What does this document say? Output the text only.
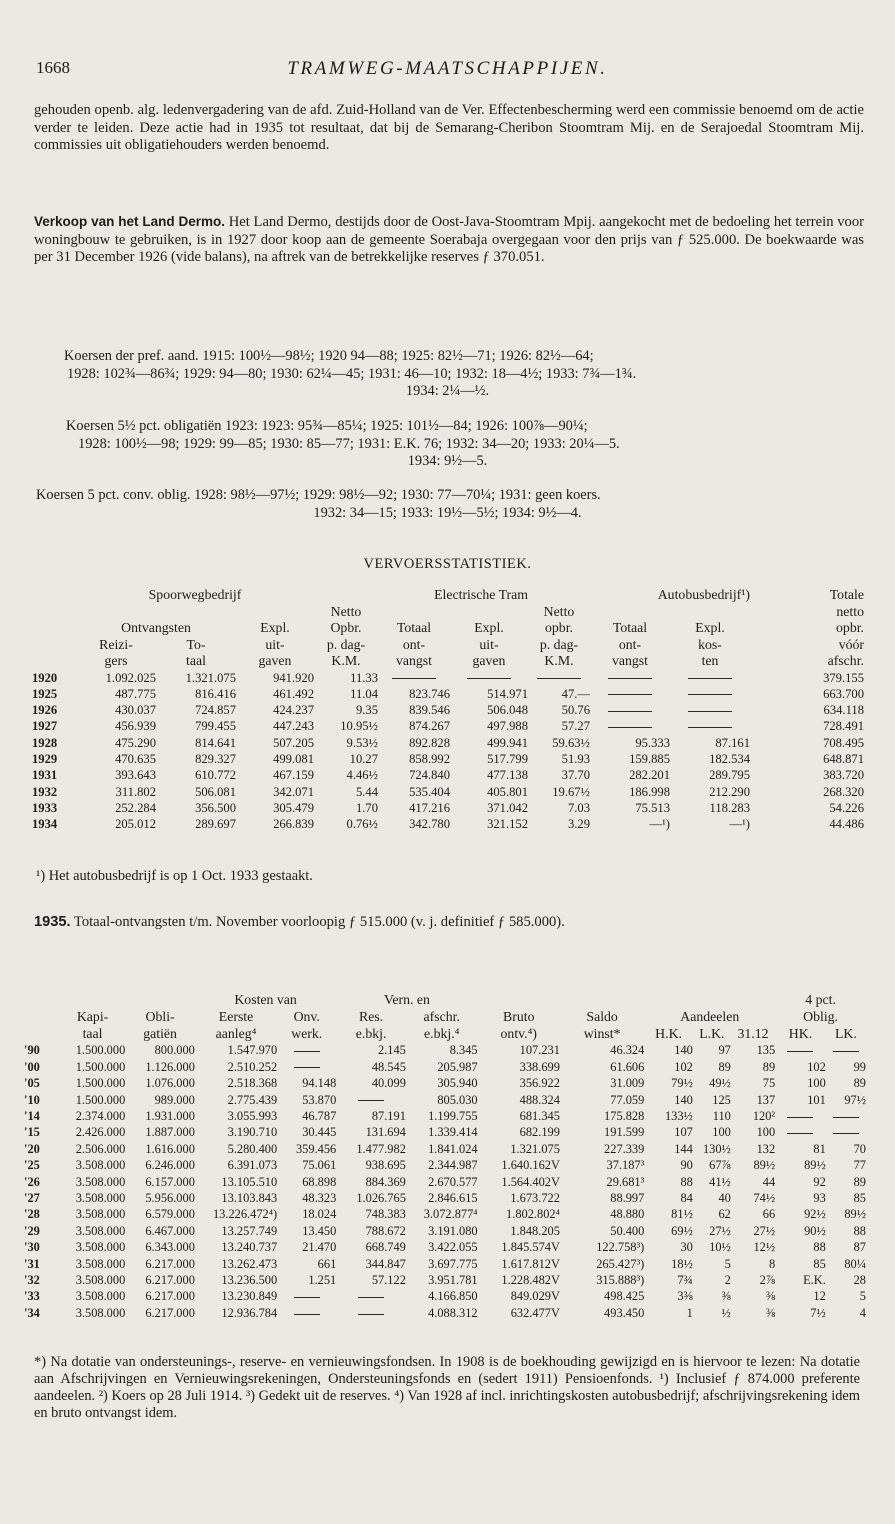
1668	TRAMWEG-MAATSCHAPPIJEN.
gehouden openb. alg. ledenvergadering van de afd. Zuid-Holland van de Ver. Effectenbescherming werd een commissie benoemd om de actie verder te leiden. Deze actie had in 1935 tot resultaat, dat bij de Semarang-Cheribon Stoomtram Mij. en de Serajoedal Stoomtram Mij. commissies uit obligatiehouders werden benoemd.
Verkoop van het Land Dermo. Het Land Dermo, destijds door de Oost-Java-Stoomtram Mpij. aangekocht met de bedoeling het terrein voor woningbouw te gebruiken, is in 1927 door koop aan de gemeente Soerabaja overgegaan voor den prijs van ƒ 525.000. De boekwaarde was per 31 December 1926 (vide balans), na aftrek van de betrekkelijke reserves ƒ 370.051.
Koersen der pref. aand. 1915: 100½—98½; 1920 94—88; 1925: 82½—71; 1926: 82½—64;
1928: 102¾—86¾; 1929: 94—80; 1930: 62¼—45; 1931: 46—10; 1932: 18—4½; 1933: 7¾—1¾.
1934: 2¼—½.
Koersen 5½ pct. obligatiën 1923: 1923: 95¾—85¼; 1925: 101½—84; 1926: 100⅞—90¼;
1928: 100½—98; 1929: 99—85; 1930: 85—77; 1931: E.K. 76; 1932: 34—20; 1933: 20¼—5.
1934: 9½—5.
Koersen 5 pct. conv. oblig. 1928: 98½—97½; 1929: 98½—92; 1930: 77—70¼; 1931: geen koers.
1932: 34—15; 1933: 19½—5½; 1934: 9½—4.
VERVOERSSTATISTIEK.
	Spoorwegbedrijf			Electrische Tram			Autobusbedrijf¹)			Totale
				Netto			Netto			netto
	Ontvangsten		Expl.	Opbr.	Totaal	Expl.	opbr.	Totaal	Expl.	opbr.
	Reizi-	To-	uit-	p. dag-	ont-	uit-	p. dag-	ont-	kos-	vóór
	gers	taal	gaven	K.M.	vangst	gaven	K.M.	vangst	ten	afschr.
1920	1.092.025	1.321.075	941.920	11.33						379.155
1925	487.775	816.416	461.492	11.04	823.746	514.971	47.—			663.700
1926	430.037	724.857	424.237	9.35	839.546	506.048	50.76			634.118
1927	456.939	799.455	447.243	10.95½	874.267	497.988	57.27			728.491
1928	475.290	814.641	507.205	9.53½	892.828	499.941	59.63½	95.333	87.161	708.495
1929	470.635	829.327	499.081	10.27	858.992	517.799	51.93	159.885	182.534	648.871
1931	393.643	610.772	467.159	4.46½	724.840	477.138	37.70	282.201	289.795	383.720
1932	311.802	506.081	342.071	5.44	535.404	405.801	19.67½	186.998	212.290	268.320
1933	252.284	356.500	305.479	1.70	417.216	371.042	7.03	75.513	118.283	54.226
1934	205.012	289.697	266.839	0.76½	342.780	321.152	3.29	—¹)	—¹)	44.486
¹) Het autobusbedrijf is op 1 Oct. 1933 gestaakt.
1935. Totaal-ontvangsten t/m. November voorloopig ƒ 515.000 (v. j. definitief ƒ 585.000).
			Kosten van		Vern. en							4 pct.	
	Kapi-	Obli-	Eerste	Onv.	Res.	afschr.	Bruto	Saldo	Aandeelen			Oblig.	
	taal	gatiën	aanleg⁴	werk.	e.bkj.	e.bkj.⁴	ontv.⁴)	winst*	H.K.	L.K.	31.12	HK.	LK.
'90	1.500.000	800.000	1.547.970		2.145	8.345	107.231	46.324	140	97	135		
'00	1.500.000	1.126.000	2.510.252		48.545	205.987	338.699	61.606	102	89	89	102	99
'05	1.500.000	1.076.000	2.518.368	94.148	40.099	305.940	356.922	31.009	79½	49½	75	100	89
'10	1.500.000	989.000	2.775.439	53.870		805.030	488.324	77.059	140	125	137	101	97½
'14	2.374.000	1.931.000	3.055.993	46.787	87.191	1.199.755	681.345	175.828	133½	110	120²		
'15	2.426.000	1.887.000	3.190.710	30.445	131.694	1.339.414	682.199	191.599	107	100	100		
'20	2.506.000	1.616.000	5.280.400	359.456	1.477.982	1.841.024	1.321.075	227.339	144	130½	132	81	70
'25	3.508.000	6.246.000	6.391.073	75.061	938.695	2.344.987	1.640.162V	37.187³	90	67⅞	89½	89½	77
'26	3.508.000	6.157.000	13.105.510	68.898	884.369	2.670.577	1.564.402V	29.681³	88	41½	44	92	89
'27	3.508.000	5.956.000	13.103.843	48.323	1.026.765	2.846.615	1.673.722	88.997	84	40	74½	93	85
'28	3.508.000	6.579.000	13.226.472⁴)	18.024	748.383	3.072.877⁴	1.802.802⁴	48.880	81½	62	66	92½	89½
'29	3.508.000	6.467.000	13.257.749	13.450	788.672	3.191.080	1.848.205	50.400	69½	27½	27½	90½	88
'30	3.508.000	6.343.000	13.240.737	21.470	668.749	3.422.055	1.845.574V	122.758³)	30	10½	12½	88	87
'31	3.508.000	6.217.000	13.262.473	661	344.847	3.697.775	1.617.812V	265.427³)	18½	5	8	85	80¼
'32	3.508.000	6.217.000	13.236.500	1.251	57.122	3.951.781	1.228.482V	315.888³)	7¾	2	2⅞	E.K.	28
'33	3.508.000	6.217.000	13.230.849			4.166.850	849.029V	498.425	3⅜	⅜	⅜	12	5
'34	3.508.000	6.217.000	12.936.784			4.088.312	632.477V	493.450	1	½	⅜	7½	4
*) Na dotatie van ondersteunings-, reserve- en vernieuwingsfondsen. In 1908 is de boekhouding gewijzigd en is hiervoor te lezen: Na dotatie aan Afschrijvingen en Vernieuwingsrekeningen, Ondersteuningsfonds en (sedert 1911) Pensioenfonds. ¹) Inclusief ƒ 874.000 preferente aandeelen. ²) Koers op 28 Juli 1914. ³) Gedekt uit de reserves. ⁴) Van 1928 af incl. inrichtingskosten autobusbedrijf; afschrijvingsrekening idem en bruto ontvangst idem.
